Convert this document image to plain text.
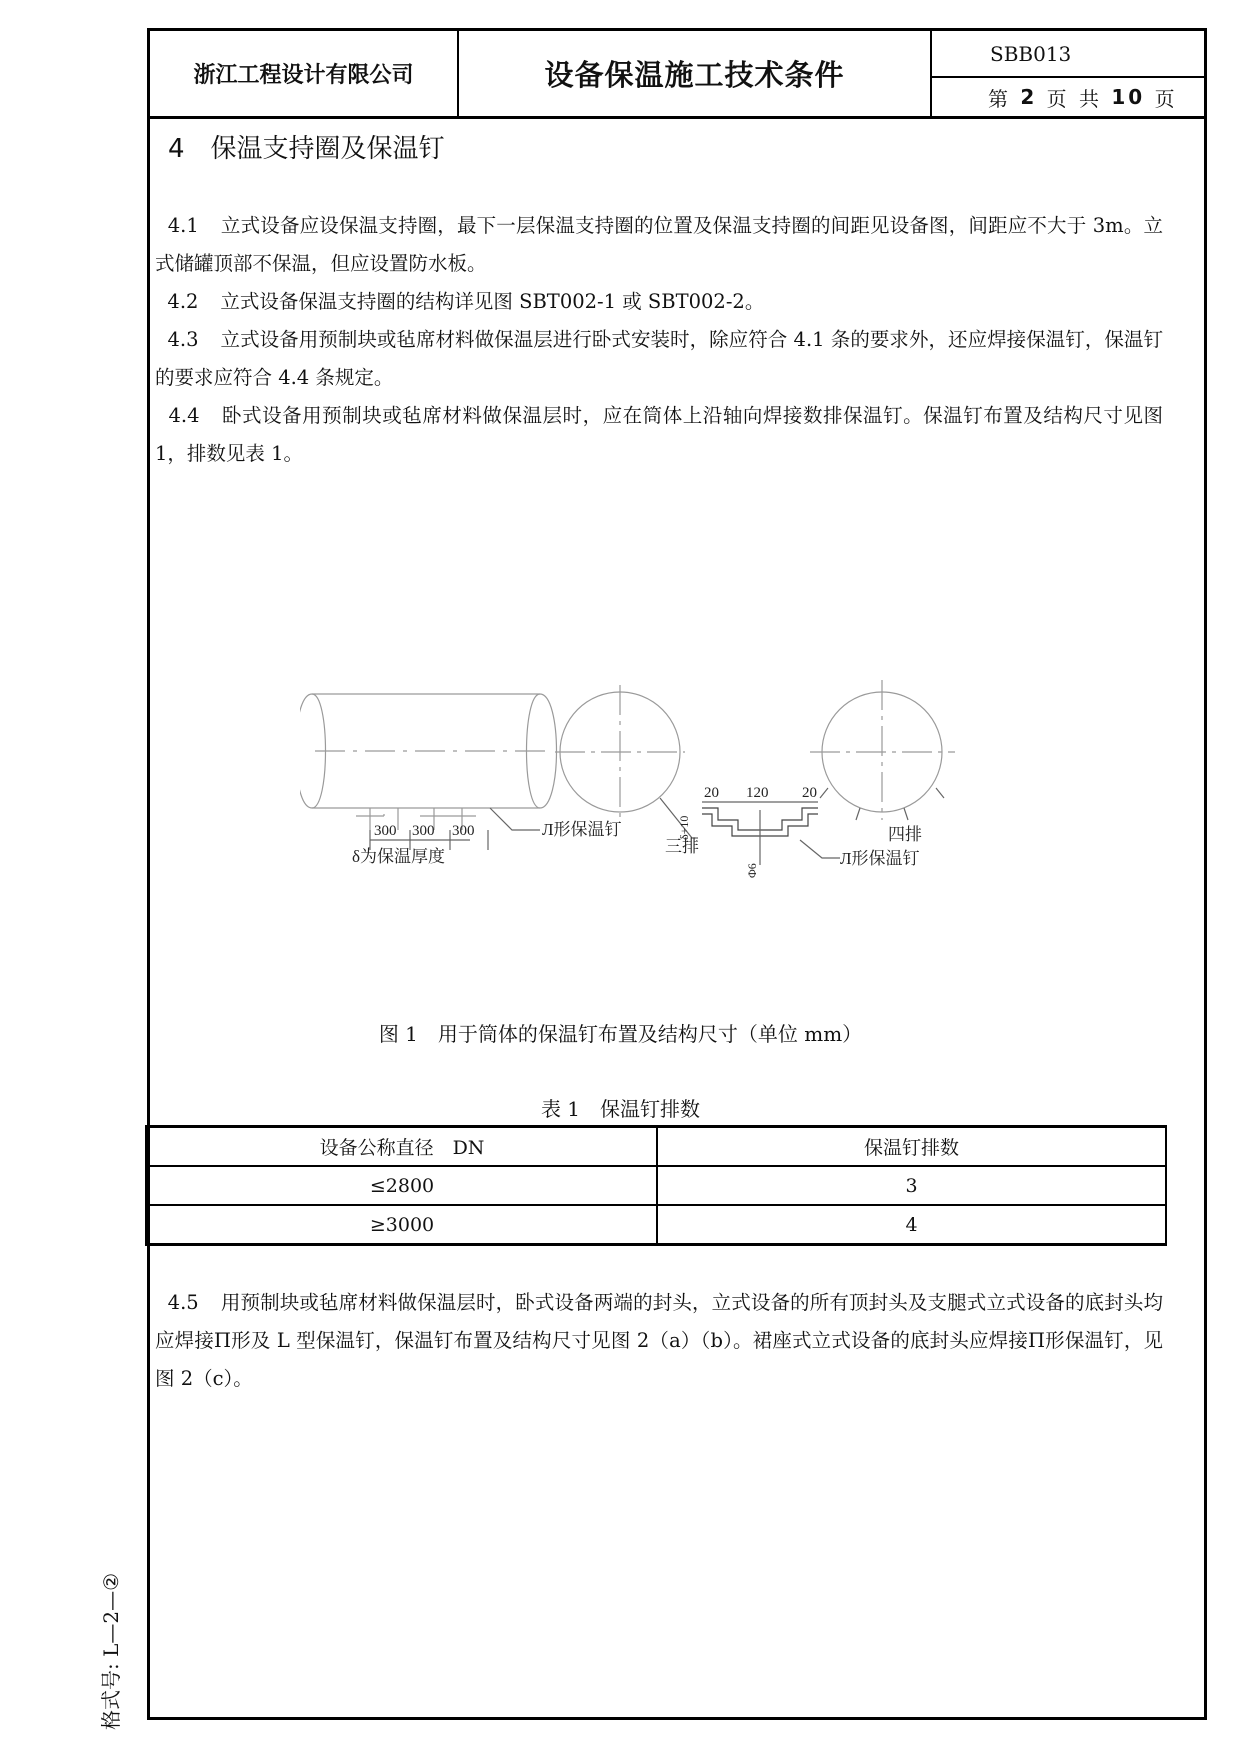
浙江工程设计有限公司	设备保温施工技术条件
SBB013
第
2
页 共
10
页
4 保温支持圈及保温钉
4.1 立式设备应设保温支持圈，最下一层保温支持圈的位置及保温支持圈的间距见设备图，间距应不大于 3m。立式储罐顶部不保温，但应设置防水板。
4.2 立式设备保温支持圈的结构详见图 SBT002-1 或 SBT002-2。
4.3 立式设备用预制块或毡席材料做保温层进行卧式安装时，除应符合 4.1 条的要求外，还应焊接保温钉，保温钉的要求应符合 4.4 条规定。
4.4 卧式设备用预制块或毡席材料做保温层时，应在筒体上沿轴向焊接数排保温钉。保温钉布置及结构尺寸见图 1，排数见表 1。
300 300 300
δ为保温厚度
Л形保温钉
三排
20 120 20
δ+10
Φ6
四排
Л形保温钉
图 1　用于筒体的保温钉布置及结构尺寸（单位 mm）
表 1　保温钉排数
设备公称直径　DN	保温钉排数
≤2800	3
≥3000	4
4.5 用预制块或毡席材料做保温层时，卧式设备两端的封头，立式设备的所有顶封头及支腿式立式设备的底封头均应焊接Π形及 L 型保温钉，保温钉布置及结构尺寸见图 2（a）（b）。裙座式立式设备的底封头应焊接Π形保温钉，见图 2（c）。
格式号: L—2—②
